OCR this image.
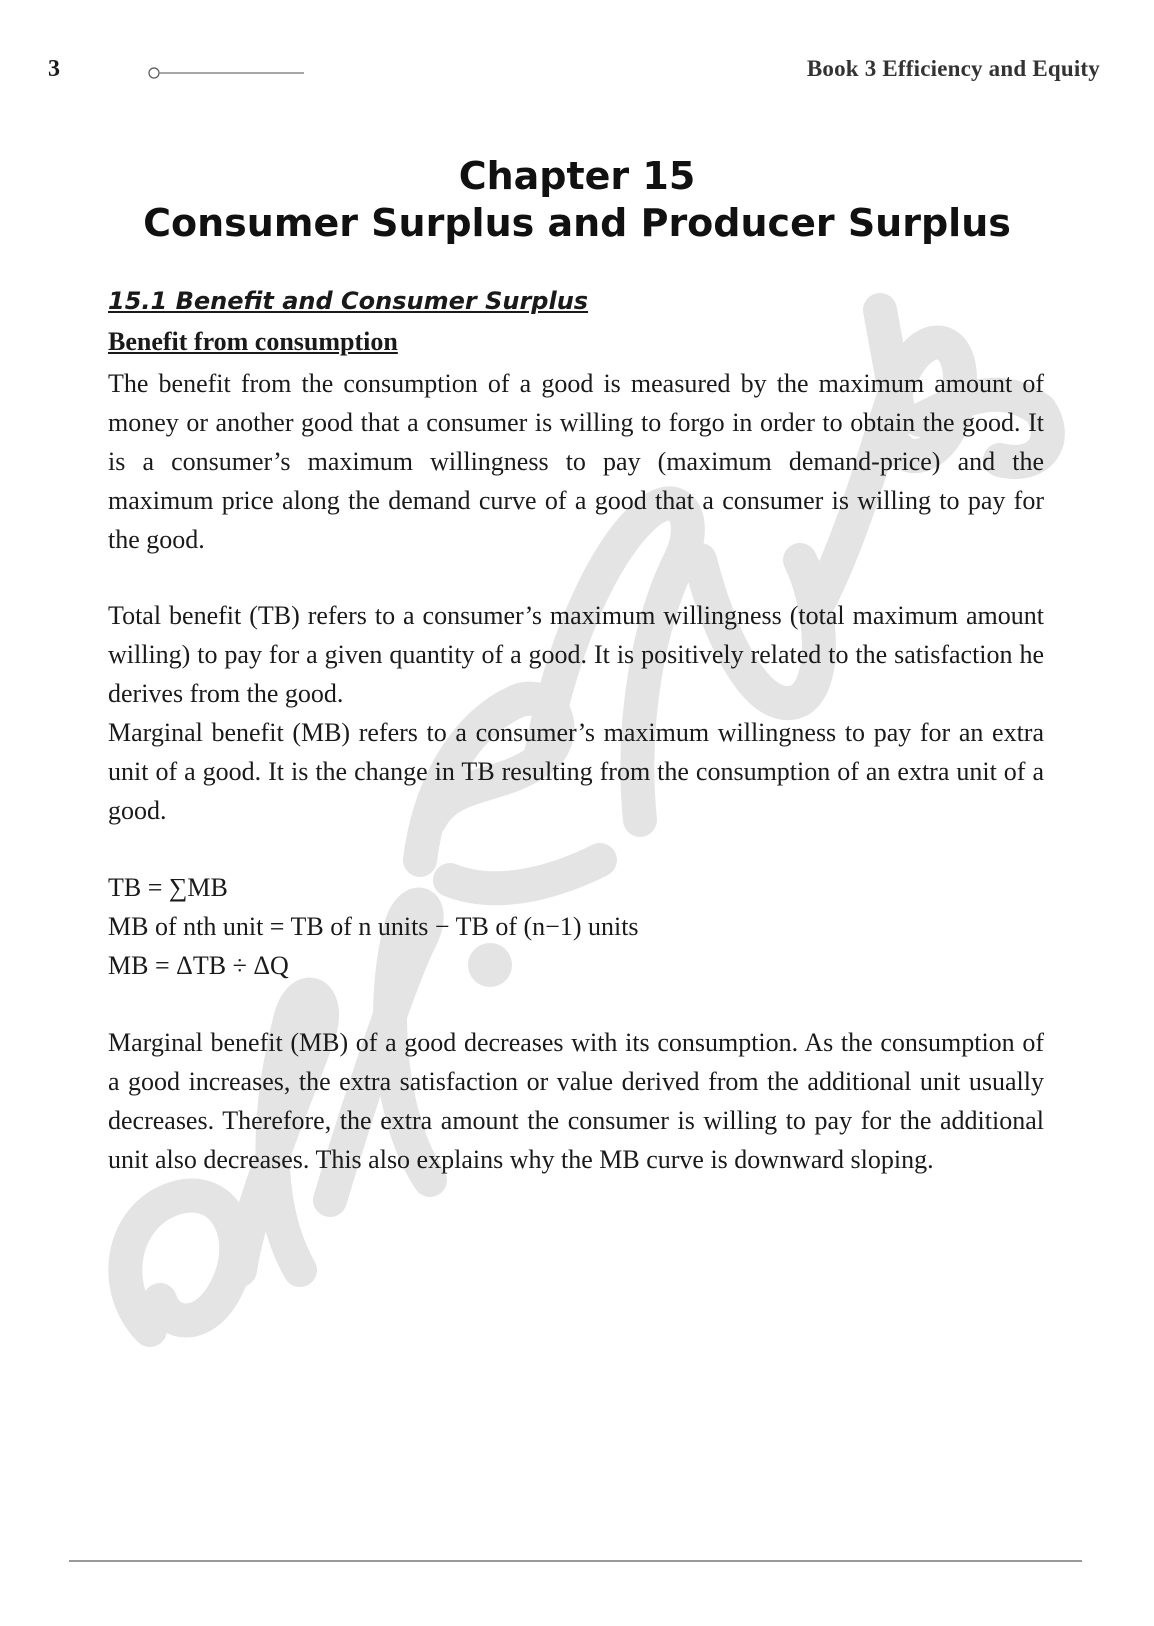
3	Book 3 Efficiency and Equity
Chapter 15
Consumer Surplus and Producer Surplus
15.1 Benefit and Consumer Surplus
Benefit from consumption
The benefit from the consumption of a good is measured by the maximum amount of money or another good that a consumer is willing to forgo in order to obtain the good. It is a consumer’s maximum willingness to pay (maximum demand-price) and the maximum price along the demand curve of a good that a consumer is willing to pay for the good.
Total benefit (TB) refers to a consumer’s maximum willingness (total maximum amount willing) to pay for a given quantity of a good. It is positively related to the satisfaction he derives from the good.
Marginal benefit (MB) refers to a consumer’s maximum willingness to pay for an extra unit of a good. It is the change in TB resulting from the consumption of an extra unit of a good.
TB = ∑MB
MB of nth unit = TB of n units − TB of (n−1) units
MB = ΔTB ÷ ΔQ
Marginal benefit (MB) of a good decreases with its consumption. As the consumption of a good increases, the extra satisfaction or value derived from the additional unit usually decreases. Therefore, the extra amount the consumer is willing to pay for the additional unit also decreases. This also explains why the MB curve is downward sloping.
